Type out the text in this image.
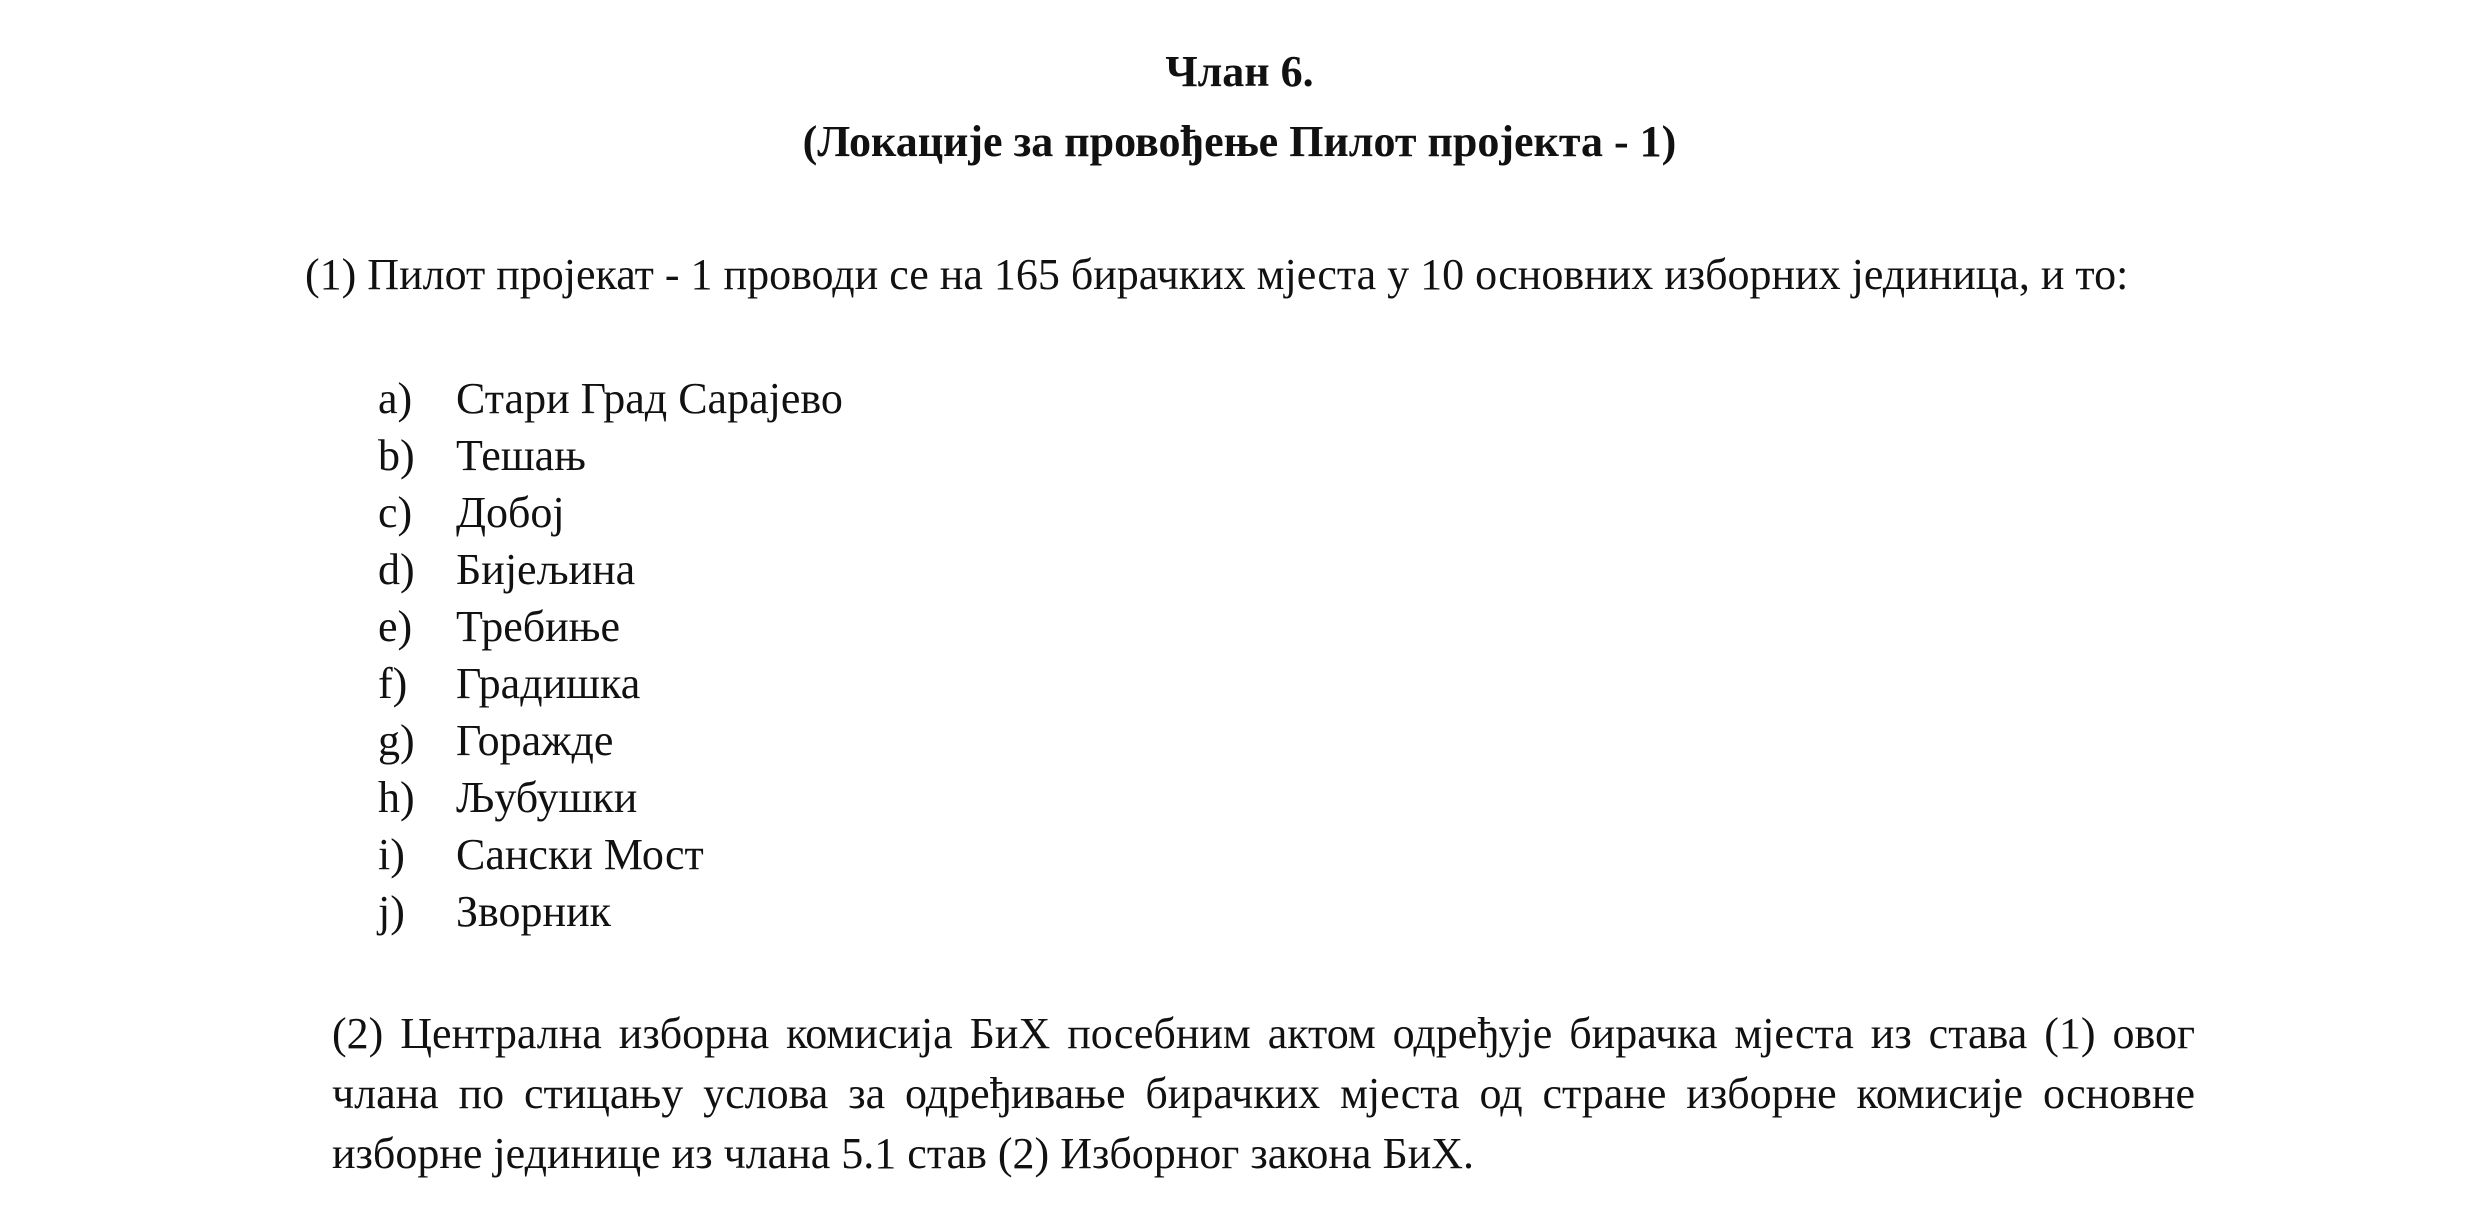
Члан 6.
(Локације за провођење Пилот пројекта - 1)
(1) Пилот пројекат - 1 проводи се на 165 бирачких мјеста у 10 основних изборних јединица, и то:
a) Стари Град Сарајево
b) Тешањ
c) Добој
d) Бијељина
e) Требиње
f)	Градишка
g) Горажде
h) Љубушки
i)	Сански Мост
j)	Зворник
(2) Централна изборна комисија БиХ посебним актом одређује бирачка мјеста из става (1) овог члана по стицању услова за одређивање бирачких мјеста од стране изборне комисије основне изборне јединице из члана 5.1 став (2) Изборног закона БиХ.
